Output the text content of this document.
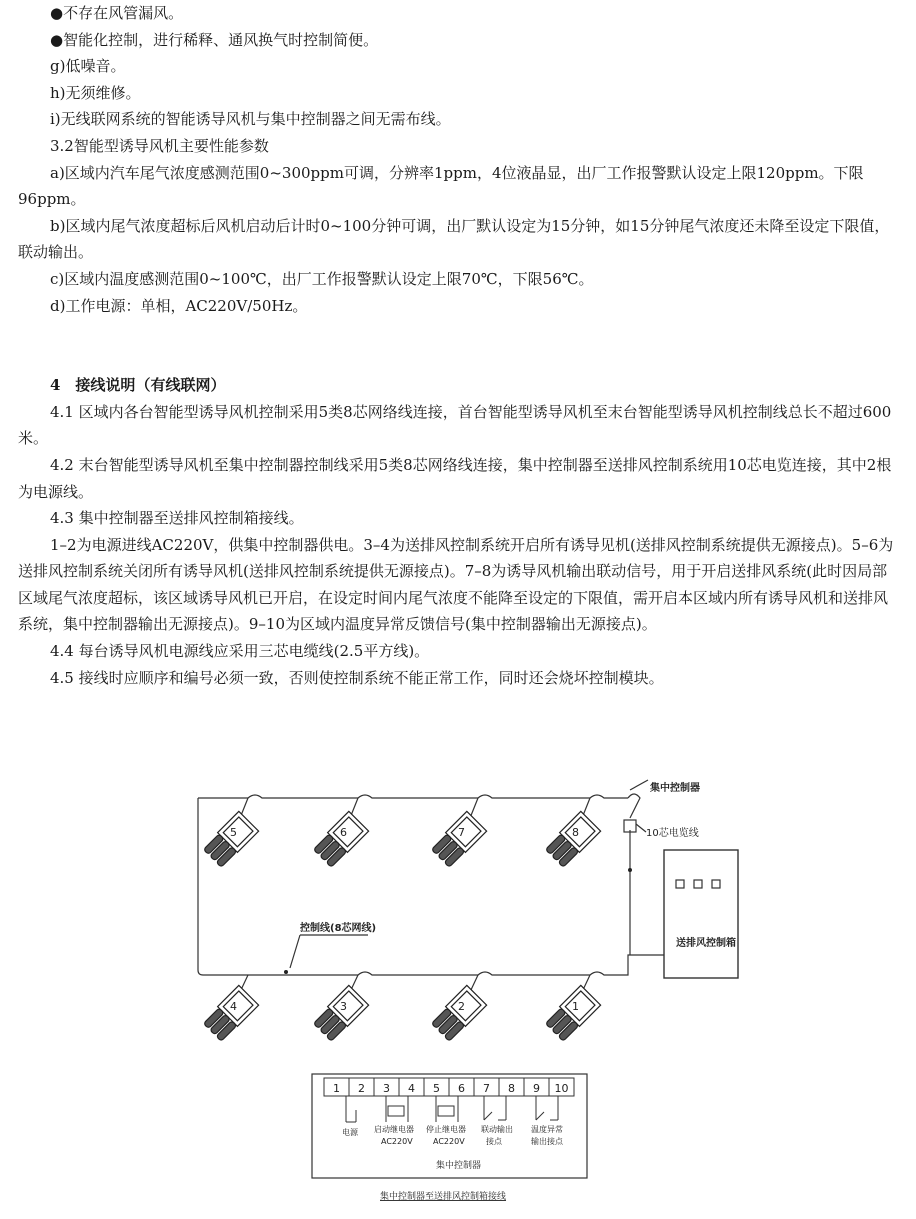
●不存在风管漏风。

●智能化控制，进行稀释、通风换气时控制简便。

g)低噪音。

h)无须维修。

i)无线联网系统的智能诱导风机与集中控制器之间无需布线。

3.2智能型诱导风机主要性能参数

a)区域内汽车尾气浓度感测范围0~300ppm可调，分辨率1ppm，4位液晶显，出厂工作报警默认设定上限120ppm。下限96ppm。

b)区域内尾气浓度超标后风机启动后计时0~100分钟可调，出厂默认设定为15分钟，如15分钟尾气浓度还未降至设定下限值，联动输出。

c)区域内温度感测范围0~100℃，出厂工作报警默认设定上限70℃，下限56℃。

d)工作电源：单相，AC220V/50Hz。

4　接线说明（有线联网）

4.1 区域内各台智能型诱导风机控制采用5类8芯网络线连接，首台智能型诱导风机至末台智能型诱导风机控制线总长不超过600米。

4.2 末台智能型诱导风机至集中控制器控制线采用5类8芯网络线连接，集中控制器至送排风控制系统用10芯电览连接，其中2根为电源线。

4.3 集中控制器至送排风控制箱接线。

1–2为电源进线AC220V，供集中控制器供电。3–4为送排风控制系统开启所有诱导见机(送排风控制系统提供无源接点)。5–6为送排风控制系统关闭所有诱导风机(送排风控制系统提供无源接点)。7–8为诱导风机输出联动信号，用于开启送排风系统(此时因局部区域尾气浓度超标，该区域诱导风机已开启，在设定时间内尾气浓度不能降至设定的下限值，需开启本区域内所有诱导风机和送排风系统，集中控制器输出无源接点)。9–10为区域内温度异常反馈信号(集中控制器输出无源接点)。

4.4 每台诱导风机电源线应采用三芯电缆线(2.5平方线)。

4.5 接线时应顺序和编号必须一致，否则使控制系统不能正常工作，同时还会烧坏控制模块。

5	6	7	8
4	3	2	1
集中控制器
10芯电览线
控制线(8芯网线)
送排风控制箱
1 2 3 4 5 6 7 8 9 10
电源 启动继电器
AC220V
停止继电器
AC220V
联动输出
接点
温度异常
输出接点
集中控制器
集中控制器至送排风控制箱接线
